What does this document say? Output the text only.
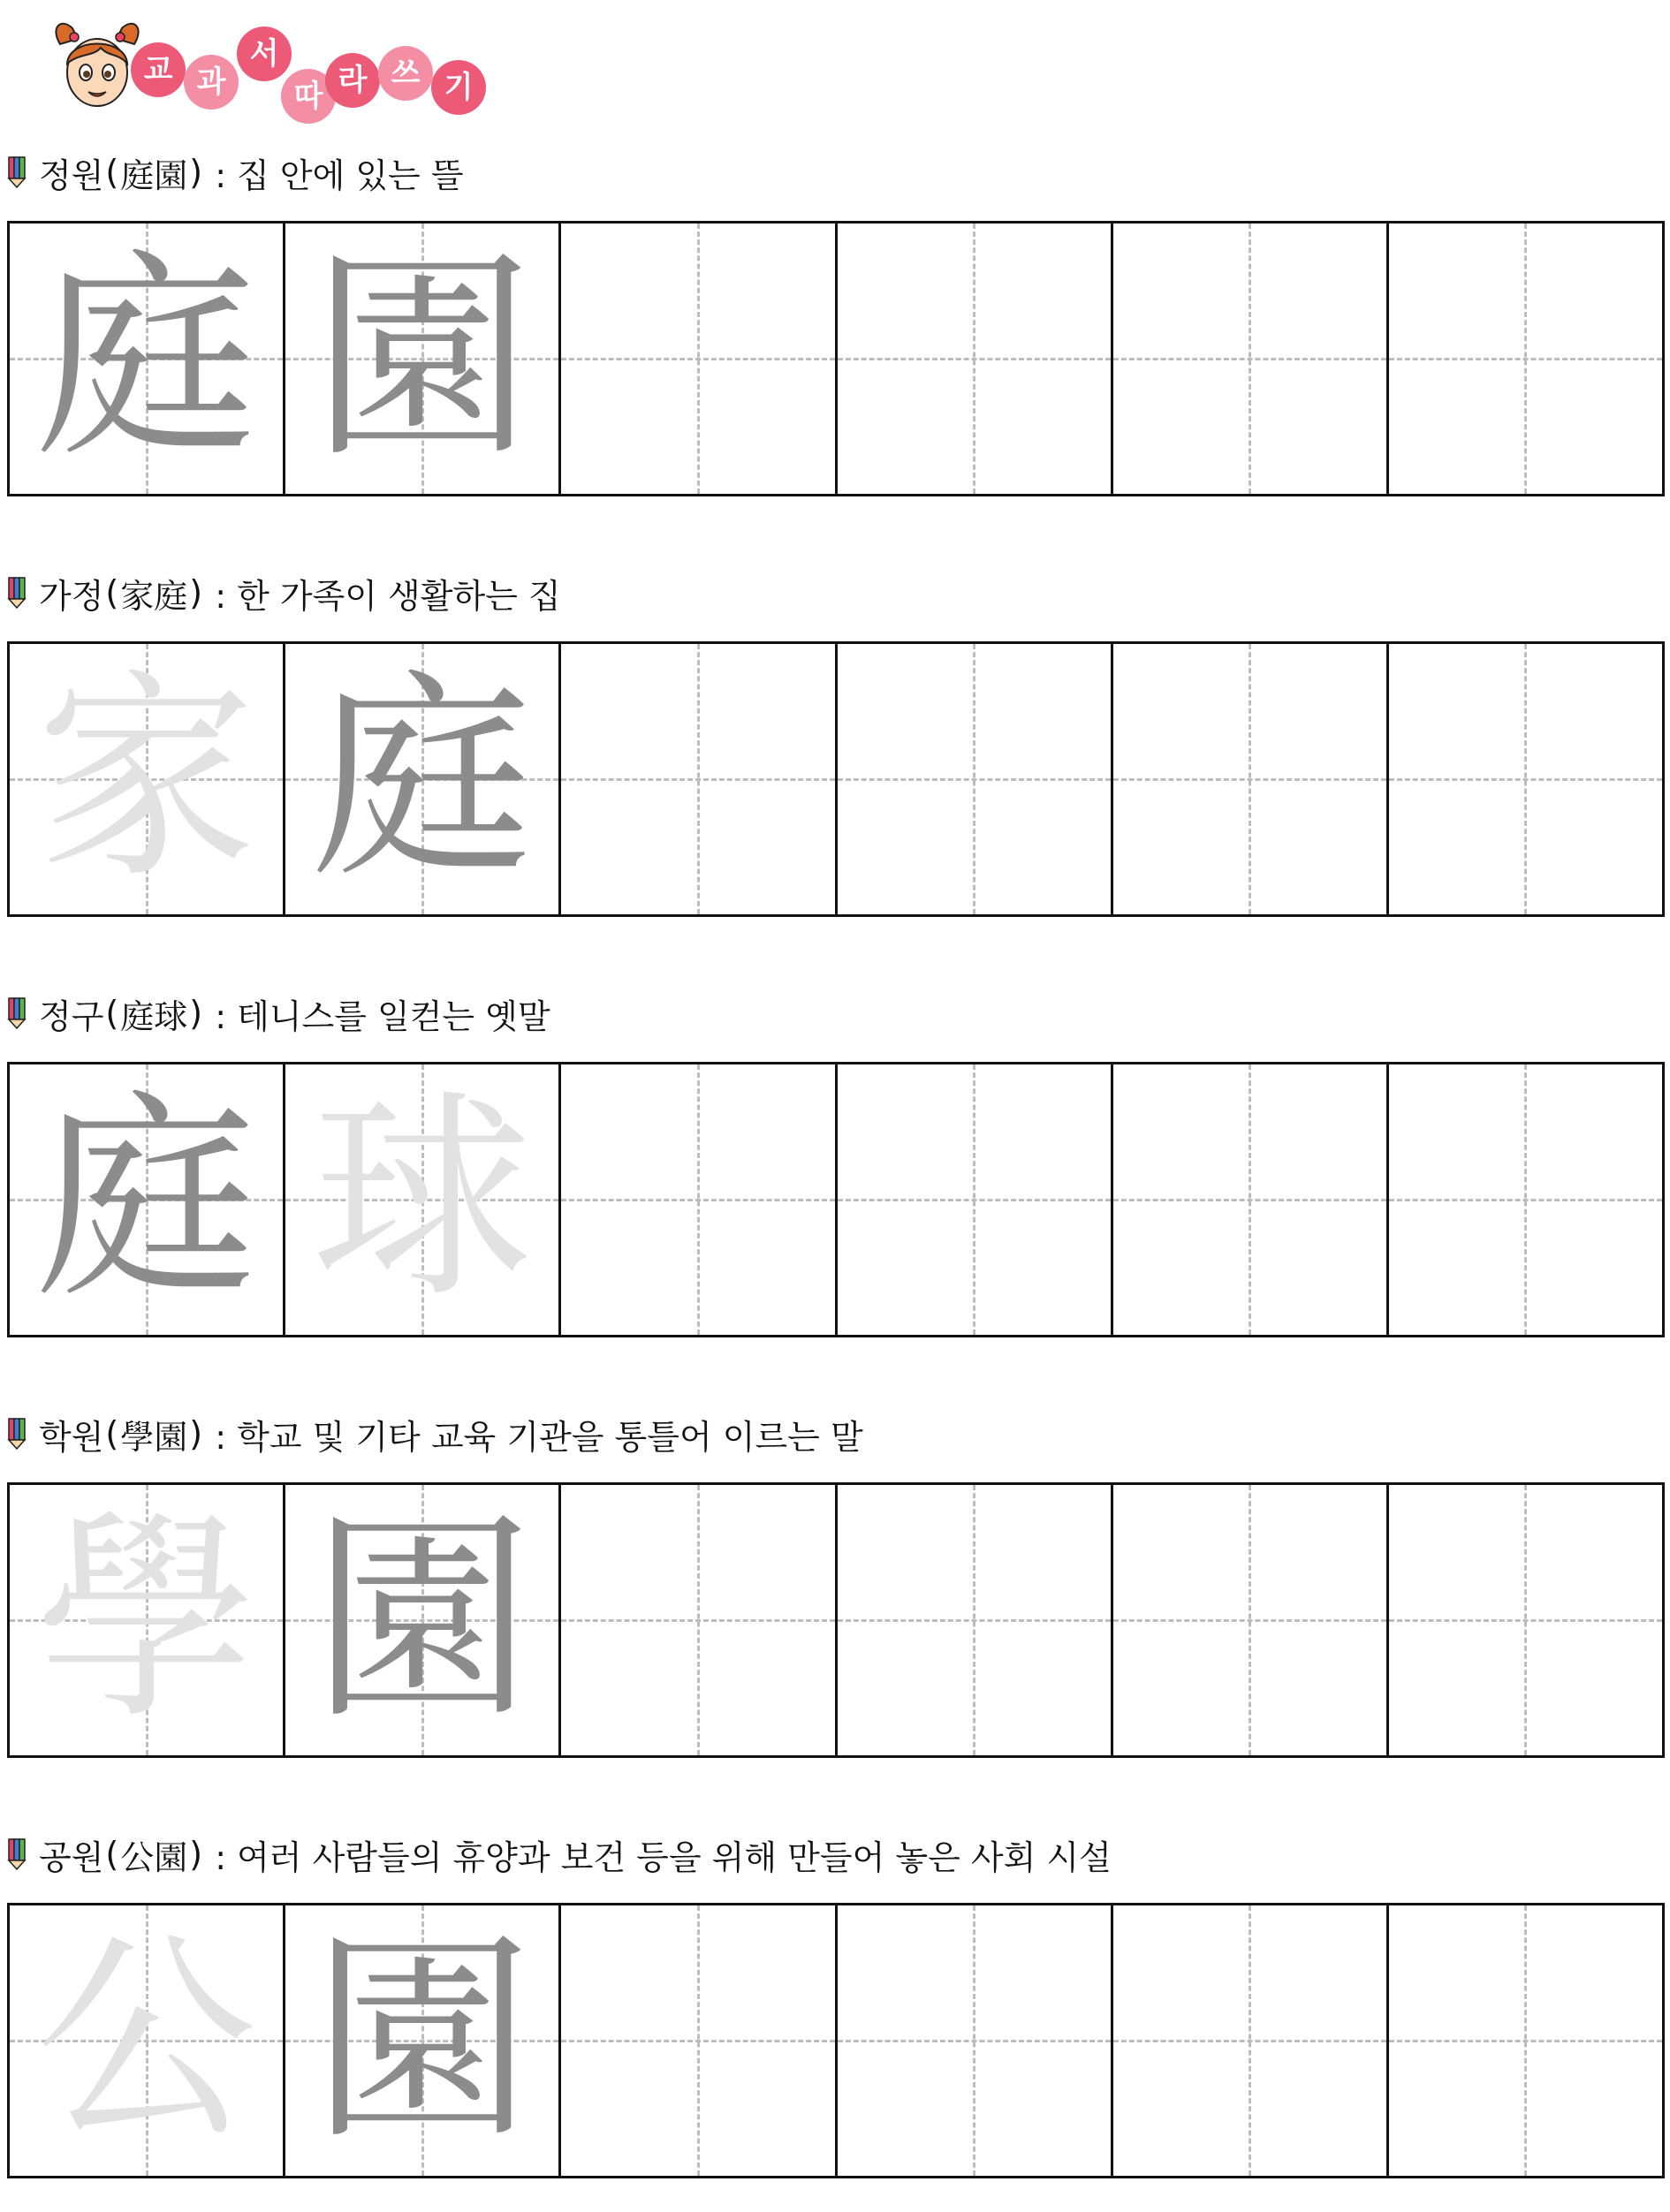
교 과
서
따 라 쓰 기
정원 ( 庭園 )
: 집 안에 있는 뜰
庭 園
가정 ( 家庭 )
: 한 가족이 생활하는 집
家 庭
정구 ( 庭球 )
: 테니스를 일컫는 옛말
庭 球
학원 ( 學園 )
: 학교 및 기타 교육 기관을 통틀어 이르는 말
學 園
공원 ( 公園 )
: 여러 사람들의 휴양과 보건 등을 위해 만들어 놓은 사회 시설
公 園
